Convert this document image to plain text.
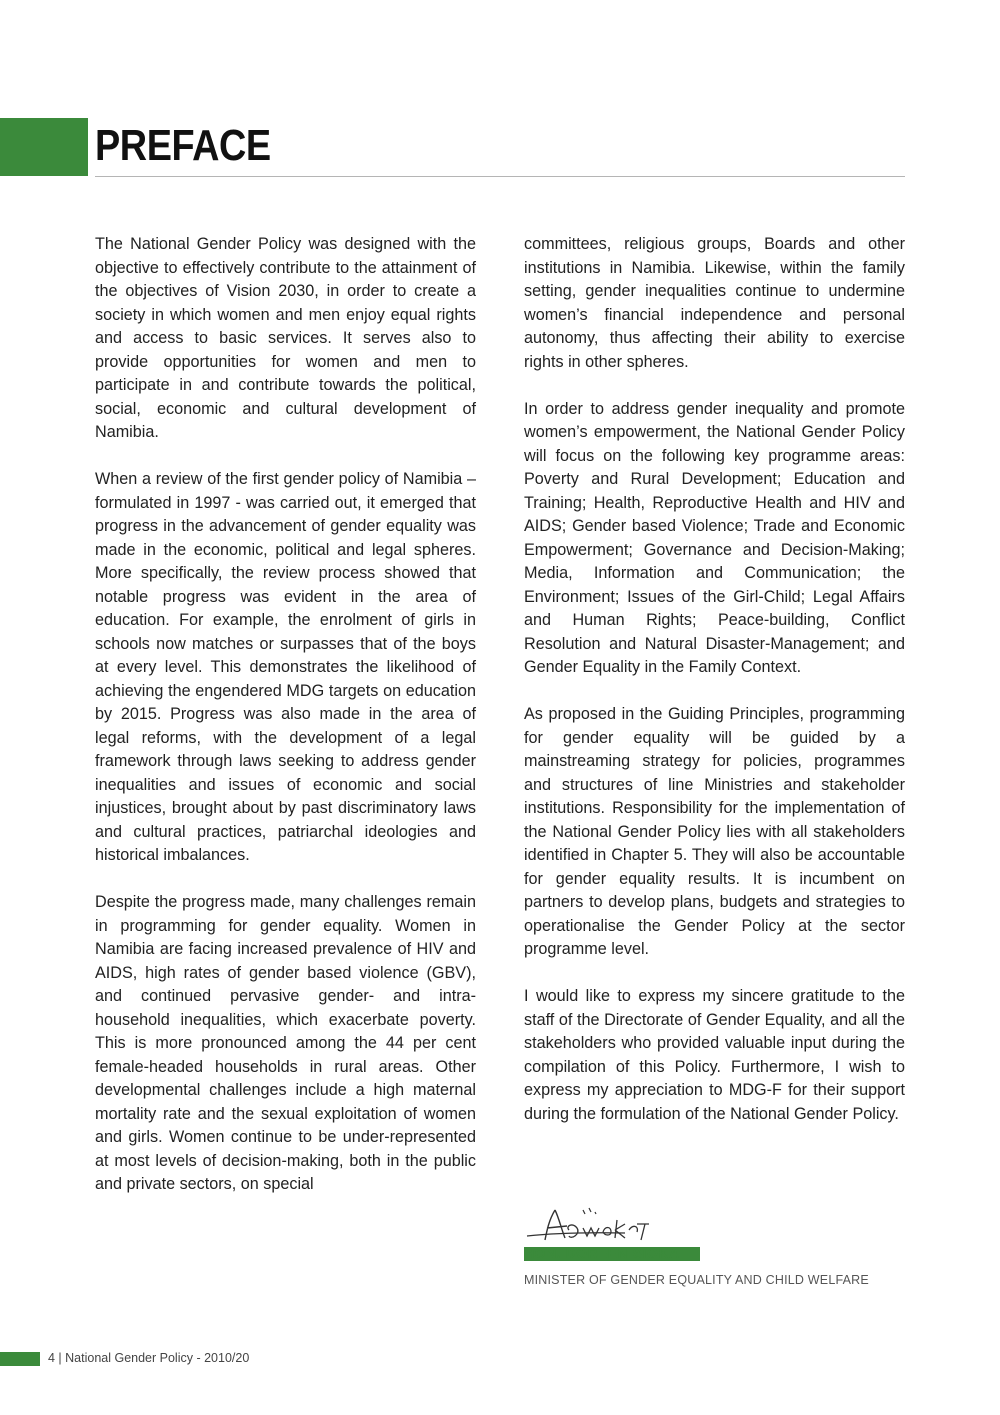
PREFACE

The National Gender Policy was designed with the objective to effectively contribute to the attainment of the objectives of Vision 2030, in order to create a society in which women and men enjoy equal rights and access to basic services. It serves also to provide opportunities for women and men to participate in and contribute towards the political, social, economic and cultural development of Namibia.

When a review of the first gender policy of Namibia – formulated in 1997 - was carried out, it emerged that progress in the advancement of gender equality was made in the economic, political and legal spheres. More specifically, the review process showed that notable progress was evident in the area of education. For example, the enrolment of girls in schools now matches or surpasses that of the boys at every level. This demonstrates the likelihood of achieving the engendered MDG targets on education by 2015. Progress was also made in the area of legal reforms, with the development of a legal framework through laws seeking to address gender inequalities and issues of economic and social injustices, brought about by past discriminatory laws and cultural practices, patriarchal ideologies and historical imbalances.

Despite the progress made, many challenges remain in programming for gender equality. Women in Namibia are facing increased prevalence of HIV and AIDS, high rates of gender based violence (GBV), and continued pervasive gender- and intra-household inequalities, which exacerbate poverty. This is more pronounced among the 44 per cent female-headed households in rural areas. Other developmental challenges include a high maternal mortality rate and the sexual exploitation of women and girls. Women continue to be under-represented at most levels of decision-making, both in the public and private sectors, on special

committees, religious groups, Boards and other institutions in Namibia. Likewise, within the family setting, gender inequalities continue to undermine women’s financial independence and personal autonomy, thus affecting their ability to exercise rights in other spheres.

In order to address gender inequality and promote women’s empowerment, the National Gender Policy will focus on the following key programme areas: Poverty and Rural Development; Education and Training; Health, Reproductive Health and HIV and AIDS; Gender based Violence; Trade and Economic Empowerment; Governance and Decision-Making; Media, Information and Communication; the Environment; Issues of the Girl-Child; Legal Affairs and Human Rights; Peace-building, Conflict Resolution and Natural Disaster-Management; and Gender Equality in the Family Context.

As proposed in the Guiding Principles, programming for gender equality will be guided by a mainstreaming strategy for policies, programmes and structures of line Ministries and stakeholder institutions. Responsibility for the implementation of the National Gender Policy lies with all stakeholders identified in Chapter 5. They will also be accountable for gender equality results. It is incumbent on partners to develop plans, budgets and strategies to operationalise the Gender Policy at the sector programme level.

I would like to express my sincere gratitude to the staff of the Directorate of Gender Equality, and all the stakeholders who provided valuable input during the compilation of this Policy. Furthermore, I wish to express my appreciation to MDG-F for their support during the formulation of the National Gender Policy.

HON. DOREEN SIOKA
MINISTER OF GENDER EQUALITY AND CHILD WELFARE
4 | National Gender Policy - 2010/20
